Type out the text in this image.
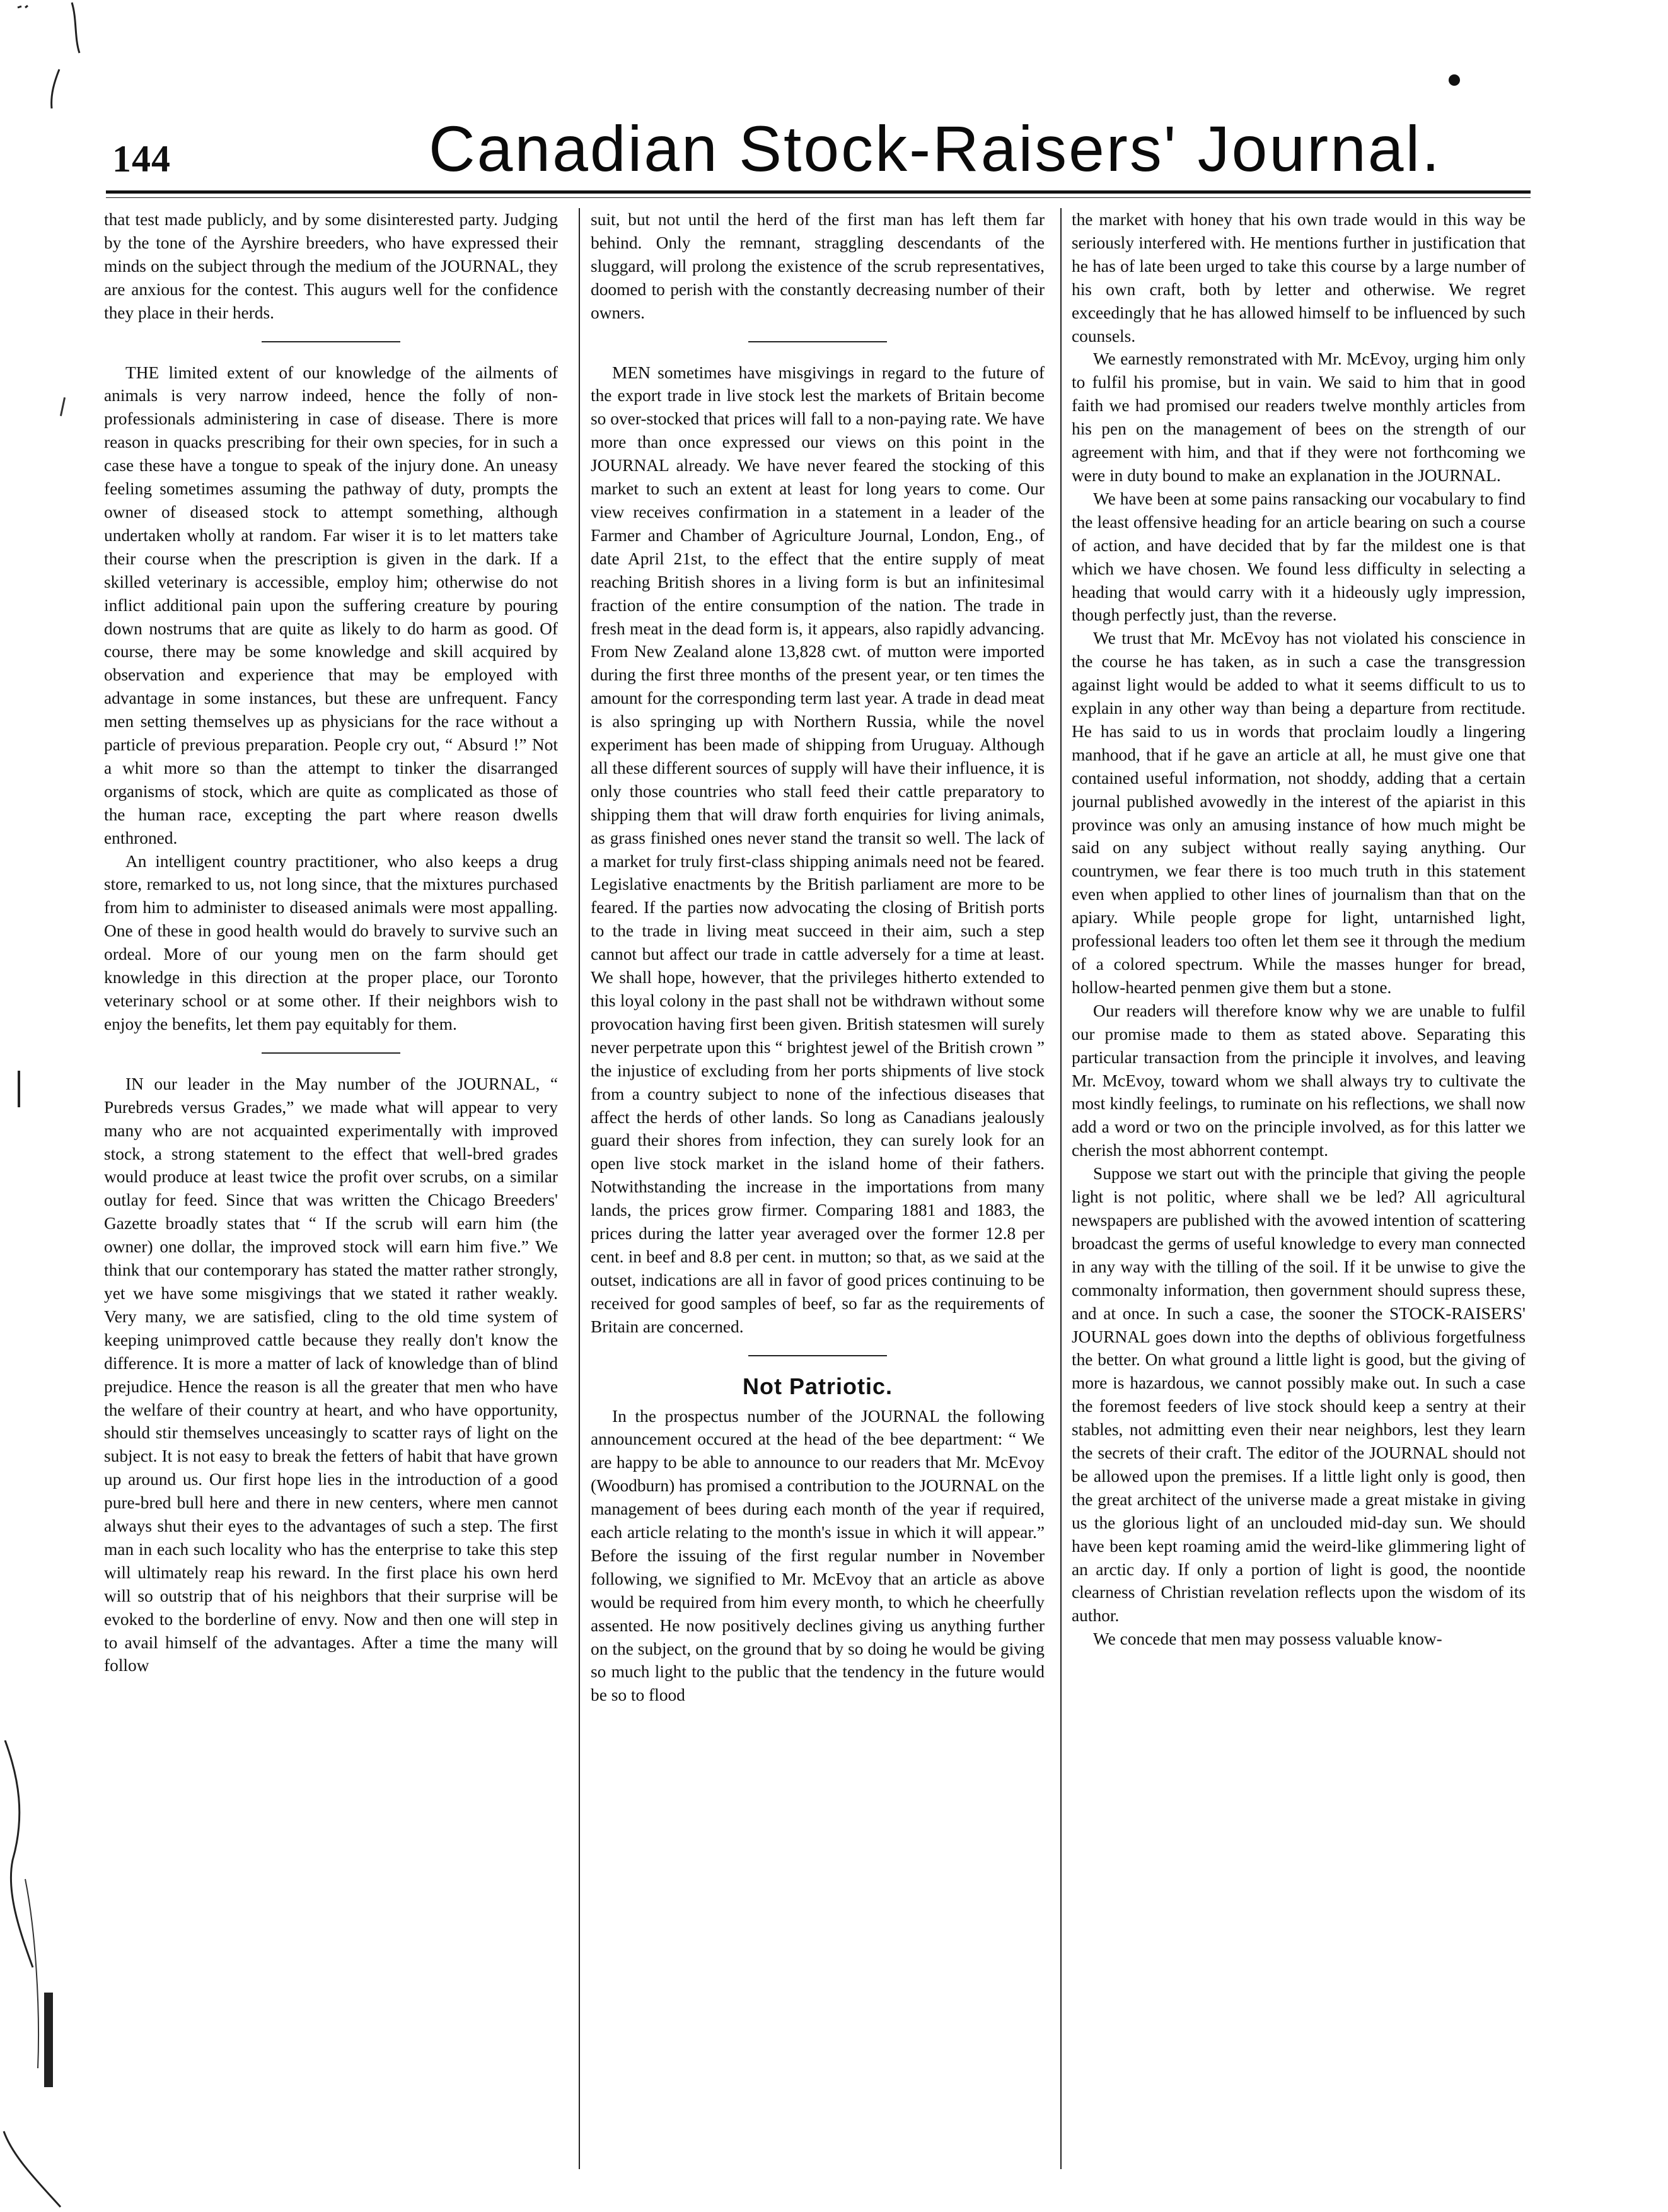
144	Canadian Stock-Raisers' Journal.

that test made publicly, and by some disinterested party. Judging by the tone of the Ayrshire breeders, who have expressed their minds on the subject through the medium of the JOURNAL, they are anxious for the contest. This augurs well for the confidence they place in their herds.

THE limited extent of our knowledge of the ailments of animals is very narrow indeed, hence the folly of non-professionals administering in case of disease. There is more reason in quacks prescribing for their own species, for in such a case these have a tongue to speak of the injury done. An uneasy feeling sometimes assuming the pathway of duty, prompts the owner of diseased stock to attempt something, although undertaken wholly at random. Far wiser it is to let matters take their course when the prescription is given in the dark. If a skilled veterinary is accessible, employ him; otherwise do not inflict additional pain upon the suffering creature by pouring down nostrums that are quite as likely to do harm as good. Of course, there may be some knowledge and skill acquired by observation and experience that may be employed with advantage in some instances, but these are unfrequent. Fancy men setting themselves up as physicians for the race without a particle of previous preparation. People cry out, “ Absurd !” Not a whit more so than the attempt to tinker the disarranged organisms of stock, which are quite as complicated as those of the human race, excepting the part where reason dwells enthroned.

An intelligent country practitioner, who also keeps a drug store, remarked to us, not long since, that the mixtures purchased from him to administer to diseased animals were most appalling. One of these in good health would do bravely to survive such an ordeal. More of our young men on the farm should get knowledge in this direction at the proper place, our Toronto veterinary school or at some other. If their neighbors wish to enjoy the benefits, let them pay equitably for them.

IN our leader in the May number of the JOURNAL, “ Purebreds versus Grades,” we made what will appear to very many who are not acquainted experimentally with improved stock, a strong statement to the effect that well-bred grades would produce at least twice the profit over scrubs, on a similar outlay for feed. Since that was written the Chicago Breeders' Gazette broadly states that “ If the scrub will earn him (the owner) one dollar, the improved stock will earn him five.” We think that our contemporary has stated the matter rather strongly, yet we have some misgivings that we stated it rather weakly. Very many, we are satisfied, cling to the old time system of keeping unimproved cattle because they really don't know the difference. It is more a matter of lack of knowledge than of blind prejudice. Hence the reason is all the greater that men who have the welfare of their country at heart, and who have opportunity, should stir themselves unceasingly to scatter rays of light on the subject. It is not easy to break the fetters of habit that have grown up around us. Our first hope lies in the introduction of a good pure-bred bull here and there in new centers, where men cannot always shut their eyes to the advantages of such a step. The first man in each such locality who has the enterprise to take this step will ultimately reap his reward. In the first place his own herd will so outstrip that of his neighbors that their surprise will be evoked to the borderline of envy. Now and then one will step in to avail himself of the advantages. After a time the many will follow

suit, but not until the herd of the first man has left them far behind. Only the remnant, straggling descendants of the sluggard, will prolong the existence of the scrub representatives, doomed to perish with the constantly decreasing number of their owners.

MEN sometimes have misgivings in regard to the future of the export trade in live stock lest the markets of Britain become so over-stocked that prices will fall to a non-paying rate. We have more than once expressed our views on this point in the JOURNAL already. We have never feared the stocking of this market to such an extent at least for long years to come. Our view receives confirmation in a statement in a leader of the Farmer and Chamber of Agriculture Journal, London, Eng., of date April 21st, to the effect that the entire supply of meat reaching British shores in a living form is but an infinitesimal fraction of the entire consumption of the nation. The trade in fresh meat in the dead form is, it appears, also rapidly advancing. From New Zealand alone 13,828 cwt. of mutton were imported during the first three months of the present year, or ten times the amount for the corresponding term last year. A trade in dead meat is also springing up with Northern Russia, while the novel experiment has been made of shipping from Uruguay. Although all these different sources of supply will have their influence, it is only those countries who stall feed their cattle preparatory to shipping them that will draw forth enquiries for living animals, as grass finished ones never stand the transit so well. The lack of a market for truly first-class shipping animals need not be feared. Legislative enactments by the British parliament are more to be feared. If the parties now advocating the closing of British ports to the trade in living meat succeed in their aim, such a step cannot but affect our trade in cattle adversely for a time at least. We shall hope, however, that the privileges hitherto extended to this loyal colony in the past shall not be withdrawn without some provocation having first been given. British statesmen will surely never perpetrate upon this “ brightest jewel of the British crown ” the injustice of excluding from her ports shipments of live stock from a country subject to none of the infectious diseases that affect the herds of other lands. So long as Canadians jealously guard their shores from infection, they can surely look for an open live stock market in the island home of their fathers. Notwithstanding the increase in the importations from many lands, the prices grow firmer. Comparing 1881 and 1883, the prices during the latter year averaged over the former 12.8 per cent. in beef and 8.8 per cent. in mutton; so that, as we said at the outset, indications are all in favor of good prices continuing to be received for good samples of beef, so far as the requirements of Britain are concerned.

Not Patriotic.

In the prospectus number of the JOURNAL the following announcement occured at the head of the bee department: “ We are happy to be able to announce to our readers that Mr. McEvoy (Woodburn) has promised a contribution to the JOURNAL on the management of bees during each month of the year if required, each article relating to the month's issue in which it will appear.” Before the issuing of the first regular number in November following, we signified to Mr. McEvoy that an article as above would be required from him every month, to which he cheerfully assented. He now positively declines giving us anything further on the subject, on the ground that by so doing he would be giving so much light to the public that the tendency in the future would be so to flood

the market with honey that his own trade would in this way be seriously interfered with. He mentions further in justification that he has of late been urged to take this course by a large number of his own craft, both by letter and otherwise. We regret exceedingly that he has allowed himself to be influenced by such counsels.

We earnestly remonstrated with Mr. McEvoy, urging him only to fulfil his promise, but in vain. We said to him that in good faith we had promised our readers twelve monthly articles from his pen on the management of bees on the strength of our agreement with him, and that if they were not forthcoming we were in duty bound to make an explanation in the JOURNAL.

We have been at some pains ransacking our vocabulary to find the least offensive heading for an article bearing on such a course of action, and have decided that by far the mildest one is that which we have chosen. We found less difficulty in selecting a heading that would carry with it a hideously ugly impression, though perfectly just, than the reverse.

We trust that Mr. McEvoy has not violated his conscience in the course he has taken, as in such a case the transgression against light would be added to what it seems difficult to us to explain in any other way than being a departure from rectitude. He has said to us in words that proclaim loudly a lingering manhood, that if he gave an article at all, he must give one that contained useful information, not shoddy, adding that a certain journal published avowedly in the interest of the apiarist in this province was only an amusing instance of how much might be said on any subject without really saying anything. Our countrymen, we fear there is too much truth in this statement even when applied to other lines of journalism than that on the apiary. While people grope for light, untarnished light, professional leaders too often let them see it through the medium of a colored spectrum. While the masses hunger for bread, hollow-hearted penmen give them but a stone.

Our readers will therefore know why we are unable to fulfil our promise made to them as stated above. Separating this particular transaction from the principle it involves, and leaving Mr. McEvoy, toward whom we shall always try to cultivate the most kindly feelings, to ruminate on his reflections, we shall now add a word or two on the principle involved, as for this latter we cherish the most abhorrent contempt.

Suppose we start out with the principle that giving the people light is not politic, where shall we be led? All agricultural newspapers are published with the avowed intention of scattering broadcast the germs of useful knowledge to every man connected in any way with the tilling of the soil. If it be unwise to give the commonalty information, then government should supress these, and at once. In such a case, the sooner the STOCK-RAISERS' JOURNAL goes down into the depths of oblivious forgetfulness the better. On what ground a little light is good, but the giving of more is hazardous, we cannot possibly make out. In such a case the foremost feeders of live stock should keep a sentry at their stables, not admitting even their near neighbors, lest they learn the secrets of their craft. The editor of the JOURNAL should not be allowed upon the premises. If a little light only is good, then the great architect of the universe made a great mistake in giving us the glorious light of an unclouded mid-day sun. We should have been kept roaming amid the weird-like glimmering light of an arctic day. If only a portion of light is good, the noontide clearness of Christian revelation reflects upon the wisdom of its author.

We concede that men may possess valuable know-
